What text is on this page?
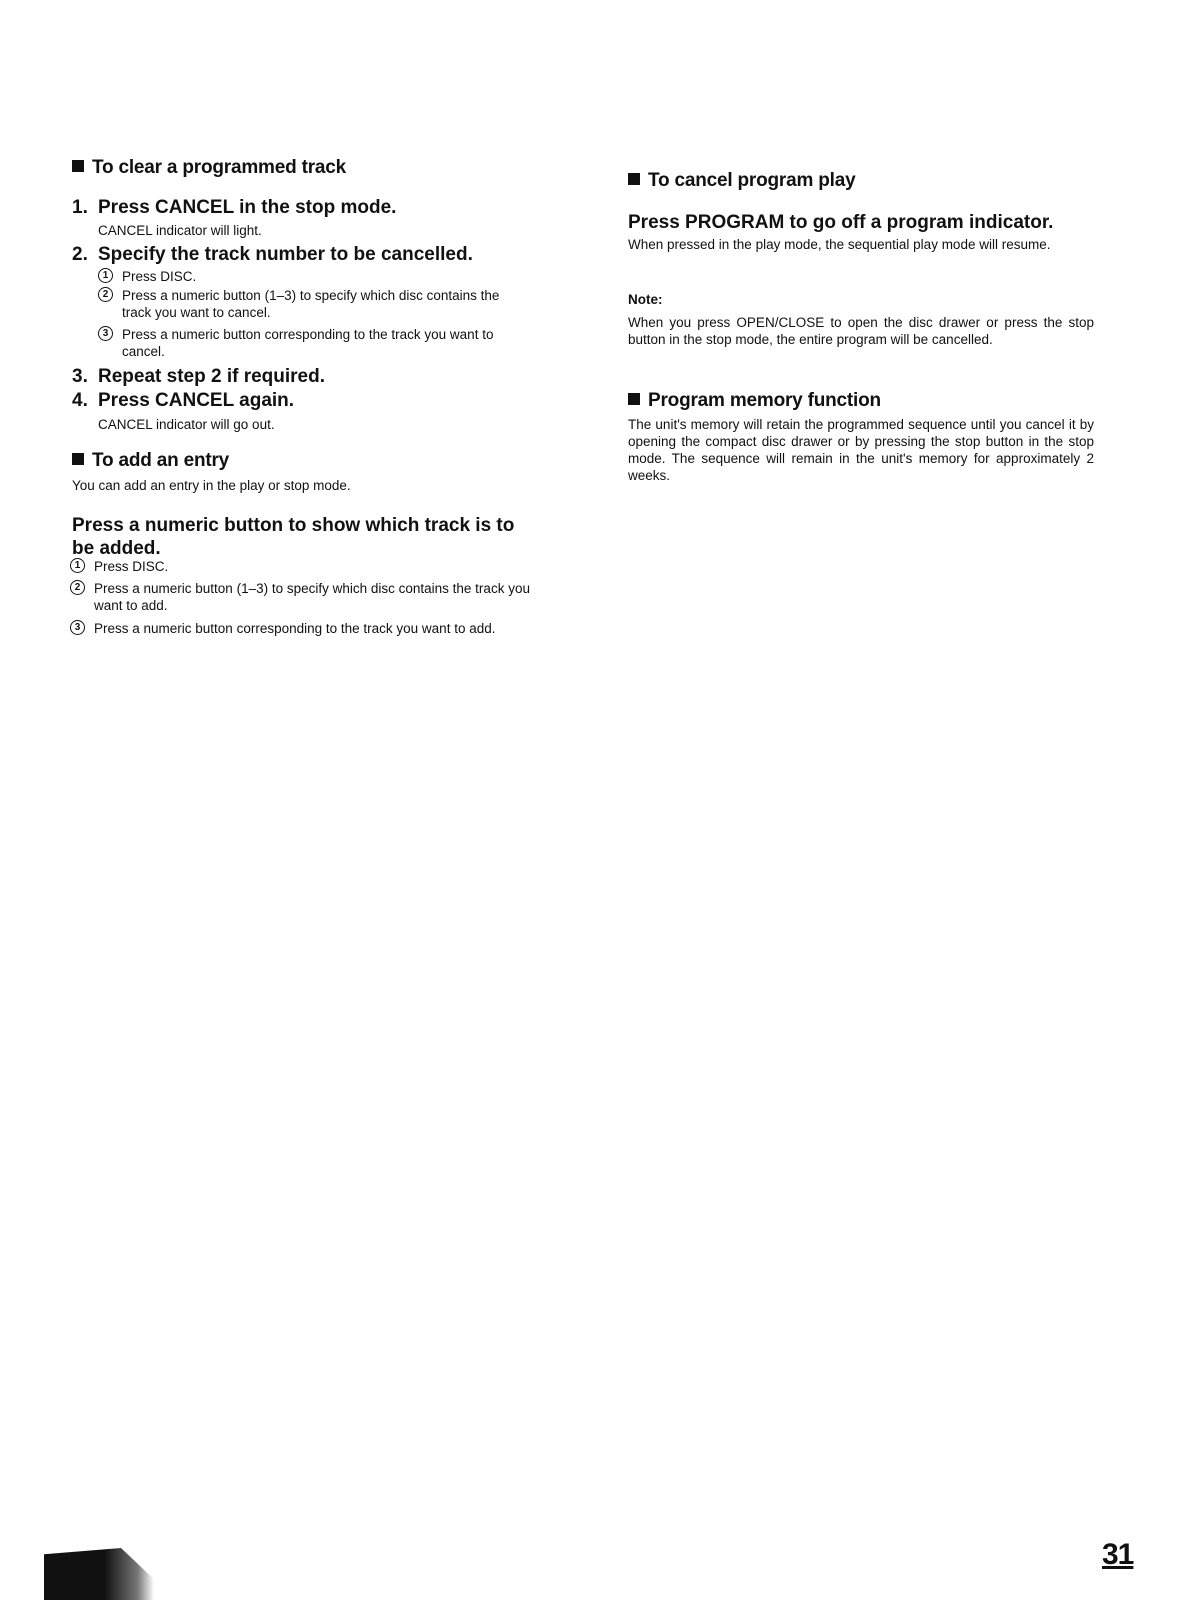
To clear a programmed track
1. Press CANCEL in the stop mode.
CANCEL indicator will light.
2. Specify the track number to be cancelled.
1	Press DISC.
2	Press a numeric button (1–3) to specify which disc contains the track you want to cancel.
3	Press a numeric button corresponding to the track you want to cancel.
3. Repeat step 2 if required.
4. Press CANCEL again.
CANCEL indicator will go out.
To add an entry
You can add an entry in the play or stop mode.
Press a numeric button to show which track is to be added.
1	Press DISC.
2	Press a numeric button (1–3) to specify which disc contains the track you want to add.
3	Press a numeric button corresponding to the track you want to add.
To cancel program play
Press PROGRAM to go off a program indicator.
When pressed in the play mode, the sequential play mode will resume.
Note:
When you press OPEN/CLOSE to open the disc drawer or press the stop button in the stop mode, the entire program will be cancelled.
Program memory function
The unit's memory will retain the programmed sequence until you cancel it by opening the compact disc drawer or by pressing the stop button in the stop mode. The sequence will remain in the unit's memory for approximately 2 weeks.
31
